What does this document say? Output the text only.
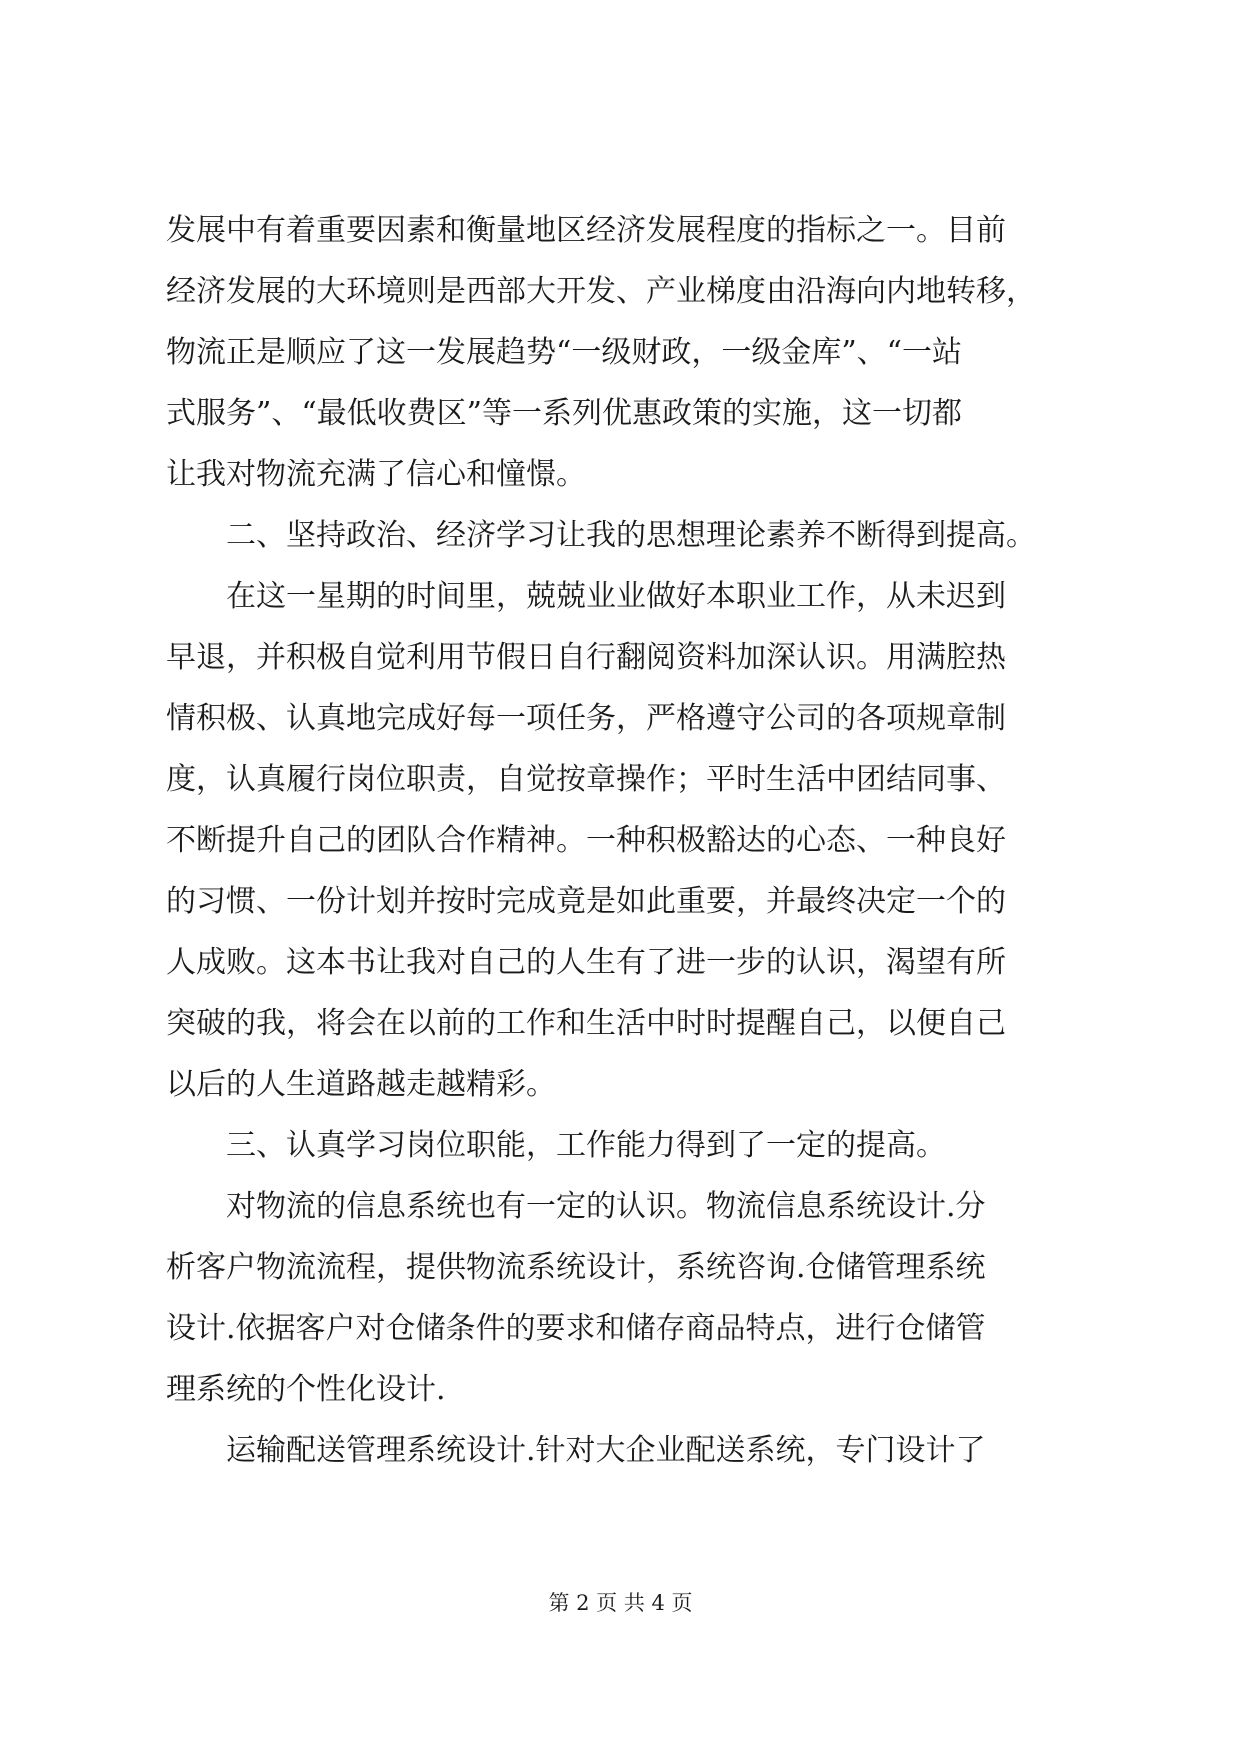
发展中有着重要因素和衡量地区经济发展程度的指标之一。目前
经济发展的大环境则是西部大开发、产业梯度由沿海向内地转移，
物流正是顺应了这一发展趋势“一级财政，一级金库”、“一站
式服务”、“最低收费区”等一系列优惠政策的实施，这一切都
让我对物流充满了信心和憧憬。
二、坚持政治、经济学习让我的思想理论素养不断得到提高。
在这一星期的时间里，兢兢业业做好本职业工作，从未迟到
早退，并积极自觉利用节假日自行翻阅资料加深认识。用满腔热
情积极、认真地完成好每一项任务，严格遵守公司的各项规章制
度，认真履行岗位职责，自觉按章操作；平时生活中团结同事、
不断提升自己的团队合作精神。一种积极豁达的心态、一种良好
的习惯、一份计划并按时完成竟是如此重要，并最终决定一个的
人成败。这本书让我对自己的人生有了进一步的认识，渴望有所
突破的我，将会在以前的工作和生活中时时提醒自己，以便自己
以后的人生道路越走越精彩。
三、认真学习岗位职能，工作能力得到了一定的提高。
对物流的信息系统也有一定的认识。物流信息系统设计.分
析客户物流流程，提供物流系统设计，系统咨询.仓储管理系统
设计.依据客户对仓储条件的要求和储存商品特点，进行仓储管
理系统的个性化设计.
运输配送管理系统设计.针对大企业配送系统，专门设计了
第 2 页 共 4 页
